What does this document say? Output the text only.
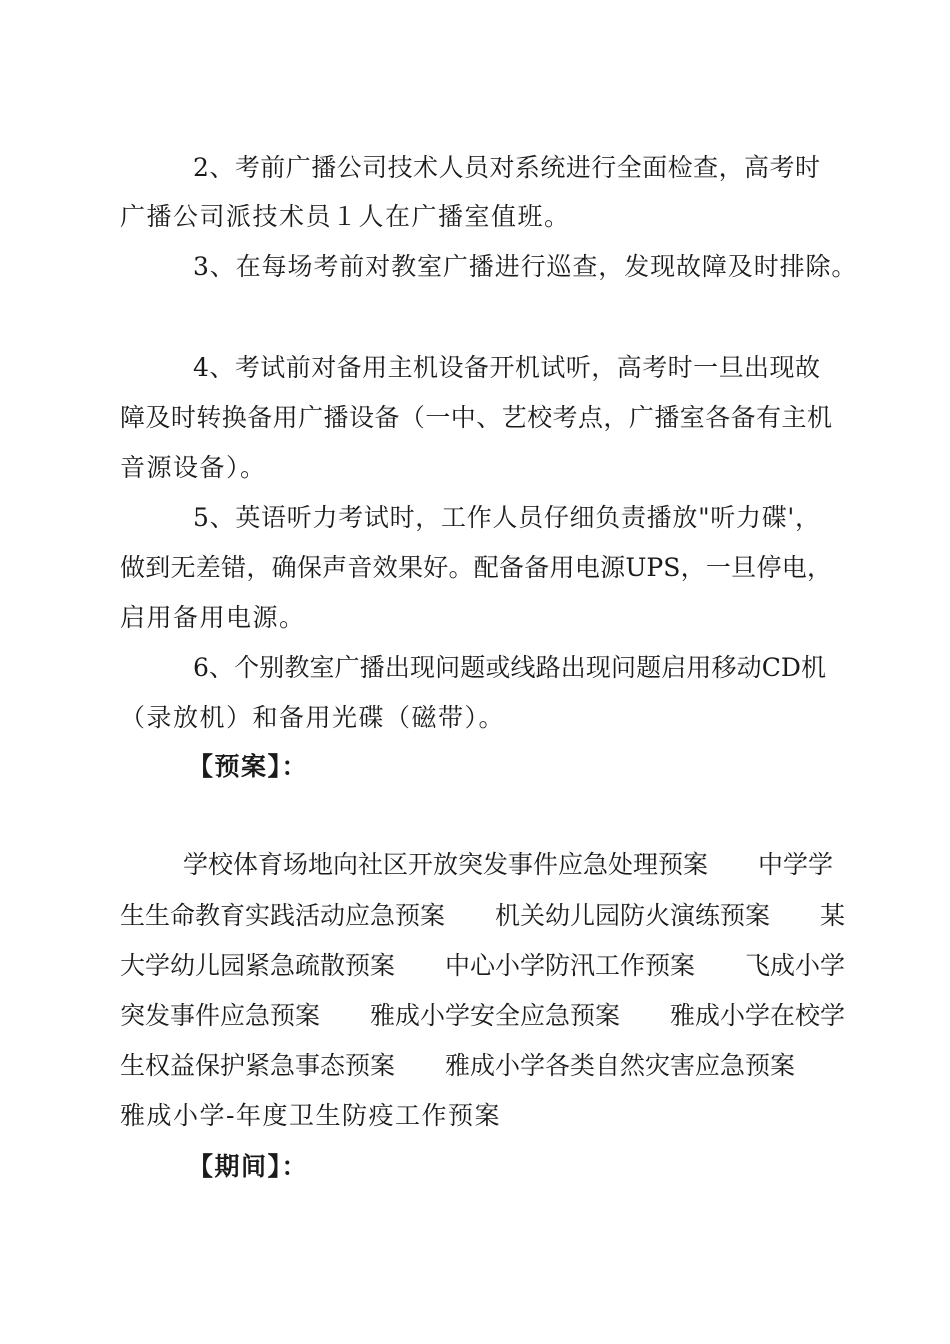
2、考前广播公司技术人员对系统进行全面检查，高考时
广播公司派技术员１人在广播室值班。
3、在每场考前对教室广播进行巡查，发现故障及时排除。
4、考试前对备用主机设备开机试听，高考时一旦出现故
障及时转换备用广播设备（一中、艺校考点，广播室各备有主机
音源设备）。
5、英语听力考试时，工作人员仔细负责播放"听力碟'，
做到无差错，确保声音效果好。配备备用电源UPS，一旦停电，
启用备用电源。
6、个别教室广播出现问题或线路出现问题启用移动CD机
（录放机）和备用光碟（磁带）。
【预案】：
学校体育场地向社区开放突发事件应急处理预案　　中学学
生生命教育实践活动应急预案　　机关幼儿园防火演练预案　　某
大学幼儿园紧急疏散预案　　中心小学防汛工作预案　　飞成小学
突发事件应急预案　　雅成小学安全应急预案　　雅成小学在校学
生权益保护紧急事态预案　　雅成小学各类自然灾害应急预案
雅成小学-年度卫生防疫工作预案
【期间】：
